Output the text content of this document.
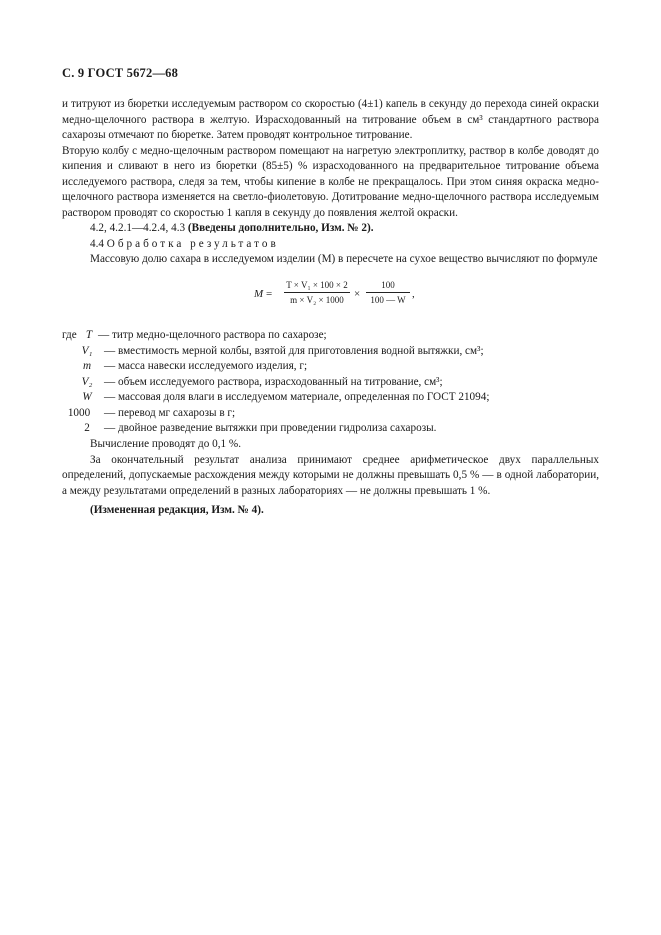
С. 9 ГОСТ 5672—68

и титруют из бюретки исследуемым раствором со скоростью (4±1) капель в секунду до перехода синей окраски медно-щелочного раствора в желтую. Израсходованный на титрование объем в см³ стандартного раствора сахарозы отмечают по бюретке. Затем проводят контрольное титрование.

Вторую колбу с медно-щелочным раствором помещают на нагретую электроплитку, раствор в колбе доводят до кипения и сливают в него из бюретки (85±5) % израсходованного на предварительное титрование объема исследуемого раствора, следя за тем, чтобы кипение в колбе не прекращалось. При этом синяя окраска медно-щелочного раствора изменяется на светло-фиолетовую. Дотитрование медно-щелочного раствора исследуемым раствором проводят со скоростью 1 капля в секунду до появления желтой окраски.

4.2, 4.2.1—4.2.4, 4.3 (Введены дополнительно, Изм. № 2).

4.4 Обработка результатов

Массовую долю сахара в исследуемом изделии (M) в пересчете на сухое вещество вычисляют по формуле

$M = \frac{\text{T × V₁ × 100 × 2}}{\text{m × V₂ × 1000}} \times \frac{100}{100 — W}$ ,
где T — титр медно-щелочного раствора по сахарозе;
V₁	— вместимость мерной колбы, взятой для приготовления водной вытяжки, см³;
m	— масса навески исследуемого изделия, г;
V₂	— объем исследуемого раствора, израсходованный на титрование, см³;
W	— массовая доля влаги в исследуемом материале, определенная по ГОСТ 21094;
1000	— перевод мг сахарозы в г;
2	— двойное разведение вытяжки при проведении гидролиза сахарозы.

Вычисление проводят до 0,1 %.

За окончательный результат анализа принимают среднее арифметическое двух параллельных определений, допускаемые расхождения между которыми не должны превышать 0,5 % — в одной лаборатории, а между результатами определений в разных лабораториях — не должны превышать 1 %.

(Измененная редакция, Изм. № 4).
